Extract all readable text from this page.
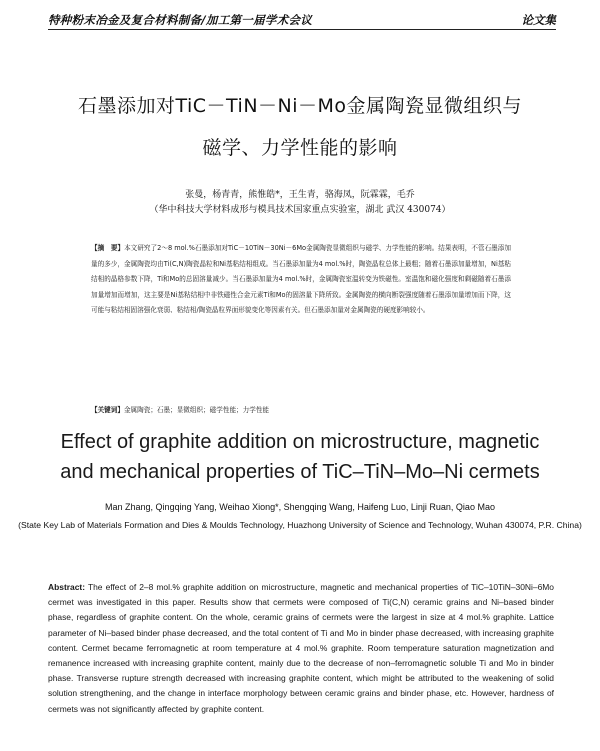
特种粉末冶金及复合材料制备/加工第一届学术会议	论文集
石墨添加对TiC－TiN－Ni－Mo金属陶瓷显微组织与
磁学、力学性能的影响
张曼，杨青青，熊惟皓*，王生青，骆海凤，阮霖霖，毛乔
（华中科技大学材料成形与模具技术国家重点实验室，湖北 武汉 430074）
【摘　要】本文研究了2～8 mol.%石墨添加对TiC－10TiN－30Ni－6Mo金属陶瓷显微组织与磁学、力学性能的影响。结果表明，不管石墨添加量的多少，金属陶瓷均由Ti(C,N)陶瓷晶粒和Ni基粘结相组成。当石墨添加量为4 mol.%时，陶瓷晶粒总体上最粗；随着石墨添加量增加，Ni基粘结相的晶格参数下降，Ti和Mo的总固溶量减少。当石墨添加量为4 mol.%时，金属陶瓷室温转变为铁磁性。室温饱和磁化强度和剩磁随着石墨添加量增加而增加，这主要是Ni基粘结相中非铁磁性合金元素Ti和Mo的固溶量下降所致。金属陶瓷的横向断裂强度随着石墨添加量增加而下降，这可能与粘结相固溶强化衰弱、粘结相/陶瓷晶粒界面形貌变化等因素有关。但石墨添加量对金属陶瓷的硬度影响较小。
【关键词】金属陶瓷；石墨；显微组织；磁学性能；力学性能
Effect of graphite addition on microstructure, magnetic
and mechanical properties of TiC–TiN–Mo–Ni cermets
Man Zhang, Qingqing Yang, Weihao Xiong*, Shengqing Wang, Haifeng Luo, Linji Ruan, Qiao Mao
(State Key Lab of Materials Formation and Dies & Moulds Technology, Huazhong University of Science and Technology, Wuhan 430074, P.R. China)
Abstract: The effect of 2–8 mol.% graphite addition on microstructure, magnetic and mechanical properties of TiC–10TiN–30Ni–6Mo cermet was investigated in this paper. Results show that cermets were composed of Ti(C,N) ceramic grains and Ni–based binder phase, regardless of graphite content. On the whole, ceramic grains of cermets were the largest in size at 4 mol.% graphite. Lattice parameter of Ni–based binder phase decreased, and the total content of Ti and Mo in binder phase decreased, with increasing graphite content. Cermet became ferromagnetic at room temperature at 4 mol.% graphite. Room temperature saturation magnetization and remanence increased with increasing graphite content, mainly due to the decrease of non–ferromagnetic soluble Ti and Mo in binder phase. Transverse rupture strength decreased with increasing graphite content, which might be attributed to the weakening of solid solution strengthening, and the change in interface morphology between ceramic grains and binder phase, etc. However, hardness of cermets was not significantly affected by graphite content.
